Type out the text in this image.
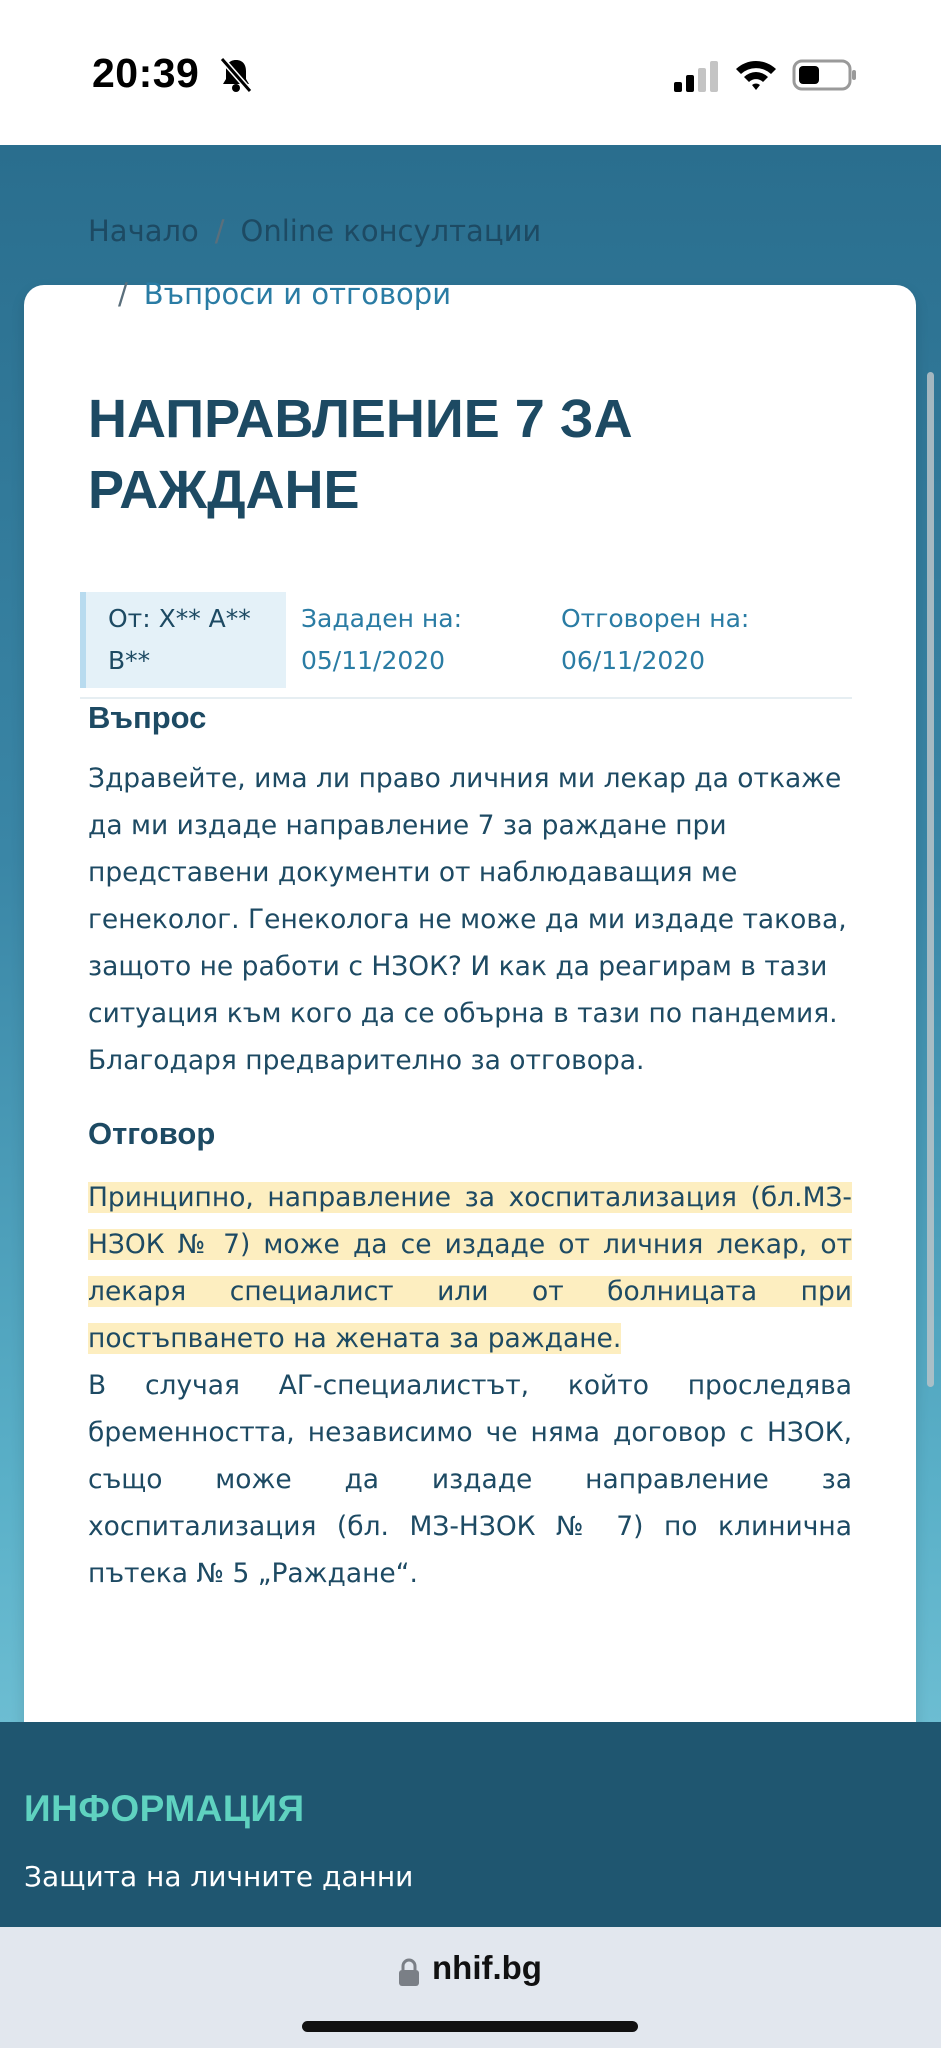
20:39
Начало / Online консултации
/ Въпроси и отговори
НАПРАВЛЕНИЕ 7 ЗА РАЖДАНЕ
От: Х** А** В**
Зададен на:
05/11/2020
Отговорен на:
06/11/2020
Въпрос

Здравейте, има ли право личния ми лекар да откаже да ми издаде направление 7 за раждане при представени документи от наблюдаващия ме генеколог. Генеколога не може да ми издаде такова, защото не работи с НЗОК? И как да реагирам в тази ситуация към кого да се обърна в тази по пандемия. Благодаря предварително за отговора.

Отговор
Принципно, направление за хоспитализация (бл.МЗ-НЗОК № 7) може да се издаде от личния лекар, от лекаря специалист или от болницата при постъпването на жената за раждане.
В случая АГ-специалистът, който проследява бременността, независимо че няма договор с НЗОК, също може да издаде направление за хоспитализация (бл. МЗ-НЗОК № 7) по клинична пътека № 5 „Раждане“.
ИНФОРМАЦИЯ
Защита на личните данни
nhif.bg
